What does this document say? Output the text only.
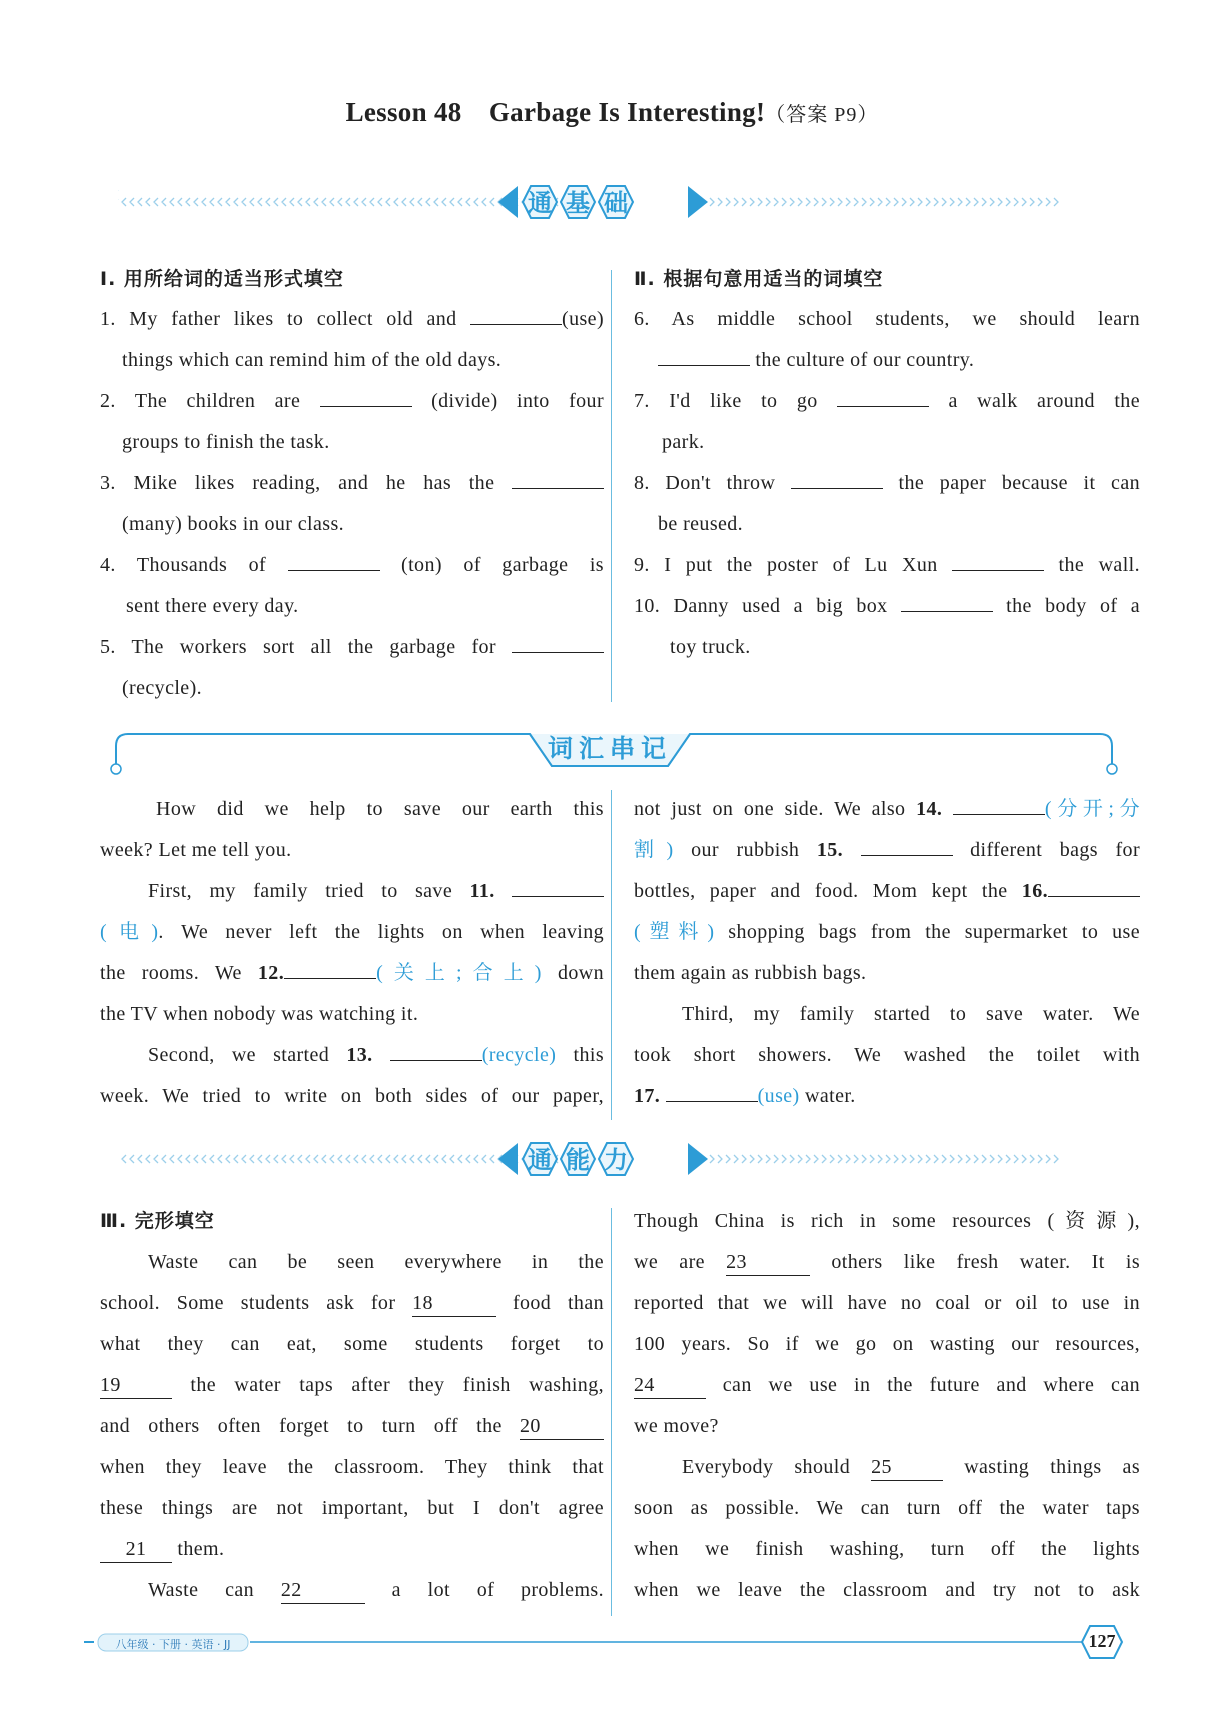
Lesson 48　Garbage Is Interesting!（答案 P9）
通 基 础
Ⅰ. 用所给词的适当形式填空
1. My father likes to collect old and	(use)
things which can remind him of the old days.
2. The children are	(divide) into four
groups to finish the task.
3. Mike likes reading, and he has the
(many) books in our class.
4. Thousands of	(ton) of garbage is
sent there every day.
5. The workers sort all the garbage for
(recycle).
Ⅱ. 根据句意用适当的词填空
6. As middle school students, we should learn
the culture of our country.
7. I'd like to go	a walk around the
park.
8. Don't throw	the paper because it can
be reused.
9. I put the poster of Lu Xun	the wall.
10. Danny used a big box	the body of a
toy truck.
词汇串记
How did we help to save our earth this
week? Let me tell you.
First, my family tried to save 11.
(电). We never left the lights on when leaving
the rooms. We 12.	(关上;合上) down
the TV when nobody was watching it.
Second, we started 13.	(recycle) this
week. We tried to write on both sides of our paper,
not just on one side. We also 14.	(分开;分
割) our rubbish 15.	different bags for
bottles, paper and food. Mom kept the 16.
(塑料) shopping bags from the supermarket to use
them again as rubbish bags.
Third, my family started to save water. We
took short showers. We washed the toilet with
17.	(use) water.
通 能 力
Ⅲ. 完形填空
Waste can be seen everywhere in the
school. Some students ask for 18	food than
what they can eat, some students forget to
19	the water taps after they finish washing,
and others often forget to turn off the 20
when they leave the classroom. They think that
these things are not important, but I don't agree
21 them.
Waste can 22	a lot of problems.
Though China is rich in some resources (资源),
we are 23	others like fresh water. It is
reported that we will have no coal or oil to use in
100 years. So if we go on wasting our resources,
24	can we use in the future and where can
we move?
Everybody should 25	wasting things as
soon as possible. We can turn off the water taps
when we finish washing, turn off the lights
when we leave the classroom and try not to ask
八年级 · 下册 · 英语 · JJ	127
